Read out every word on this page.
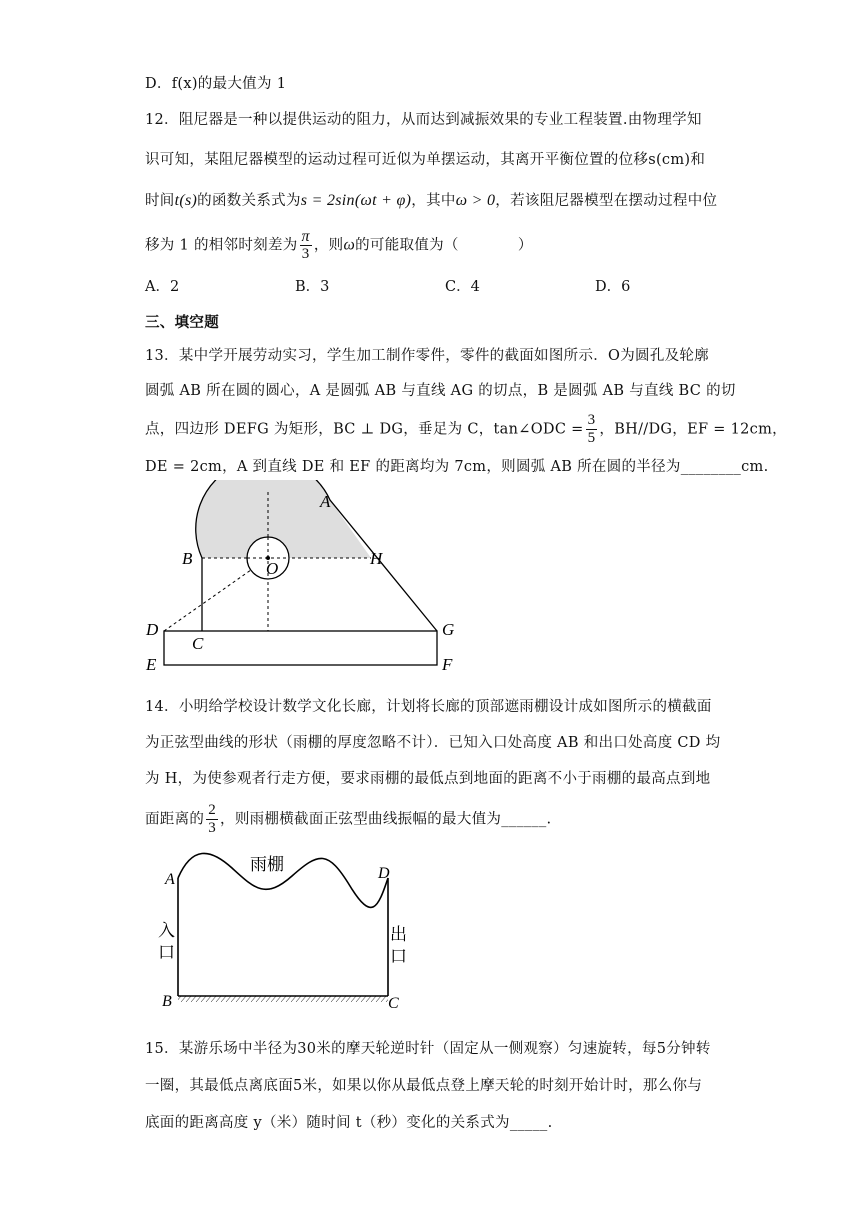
D．f(x)的最大值为 1
12．阻尼器是一种以提供运动的阻力，从而达到减振效果的专业工程装置.由物理学知
识可知，某阻尼器模型的运动过程可近似为单摆运动，其离开平衡位置的位移s(cm)和
时间t(s)的函数关系式为s = 2sin(ωt + φ)，其中ω > 0，若该阻尼器模型在摆动过程中位
移为 1 的相邻时刻差为 $\frac{\pi}{3}$ ，则ω的可能取值为（　　　　）
A．2	B．3	C．4	D．6
三、填空题
13．某中学开展劳动实习，学生加工制作零件，零件的截面如图所示．O为圆孔及轮廓
圆弧 AB 所在圆的圆心，A 是圆弧 AB 与直线 AG 的切点，B 是圆弧 AB 与直线 BC 的切
点，四边形 DEFG 为矩形，BC ⊥ DG，垂足为 C，tan∠ODC = $\frac{3}{5}$ ，BH//DG，EF = 12cm，
DE = 2cm，A 到直线 DE 和 EF 的距离均为 7cm，则圆弧 AB 所在圆的半径为________cm.
A
B	H
O
D
C
G
E	F
14．小明给学校设计数学文化长廊，计划将长廊的顶部遮雨棚设计成如图所示的横截面
为正弦型曲线的形状（雨棚的厚度忽略不计）．已知入口处高度 AB 和出口处高度 CD 均
为 H，为使参观者行走方便，要求雨棚的最低点到地面的距离不小于雨棚的最高点到地
面距离的 $\frac{2}{3}$ ，则雨棚横截面正弦型曲线振幅的最大值为______.
雨棚
A	D
B	C
入
口
出
口
15．某游乐场中半径为30米的摩天轮逆时针（固定从一侧观察）匀速旋转，每5分钟转
一圈，其最低点离底面5米，如果以你从最低点登上摩天轮的时刻开始计时，那么你与
底面的距离高度 y（米）随时间 t（秒）变化的关系式为_____.
